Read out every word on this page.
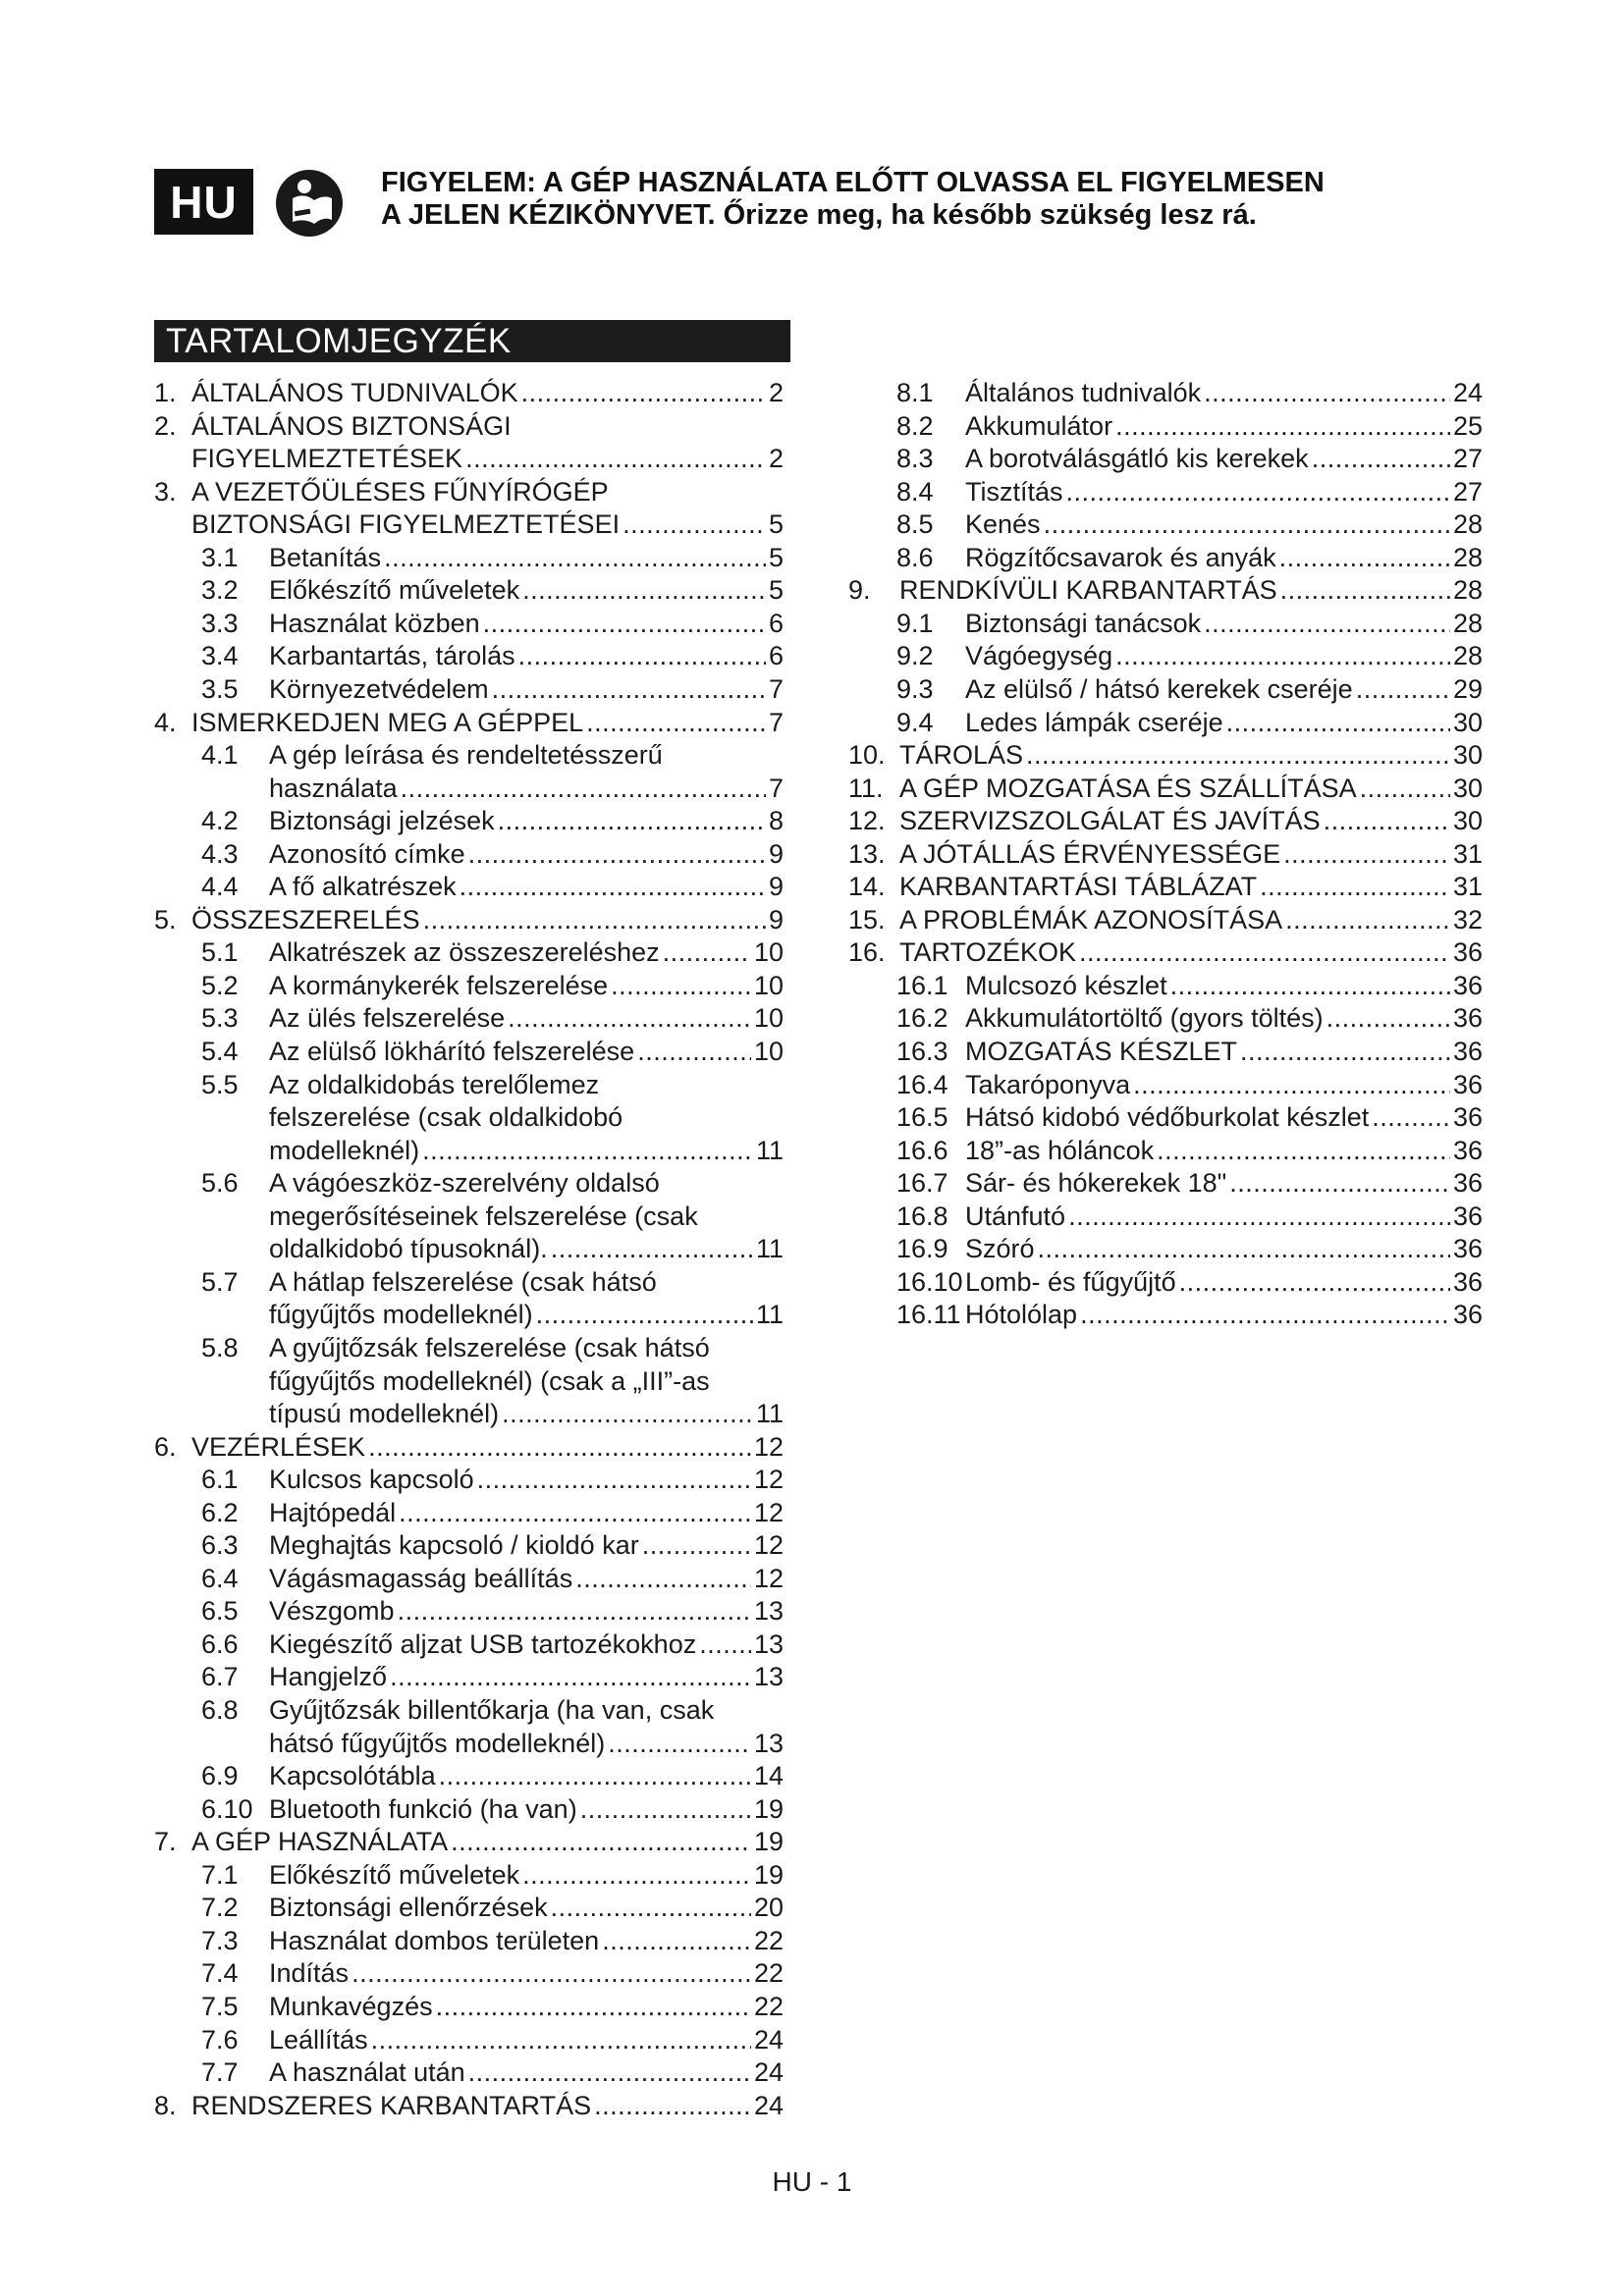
HU	FIGYELEM: A GÉP HASZNÁLATA ELŐTT OLVASSA EL FIGYELMESEN
A JELEN KÉZIKÖNYVET. Őrizze meg, ha később szükség lesz rá.
TARTALOMJEGYZÉK
1. ÁLTALÁNOS TUDNIVALÓK	2
.....
2. ÁLTALÁNOS BIZTONSÁGI
FIGYELMEZTETÉSEK	2
.....
3. A VEZETŐÜLÉSES FŰNYÍRÓGÉP
BIZTONSÁGI FIGYELMEZTETÉSEI	5
.....
3.1 Betanítás	5
.....
3.2 Előkészítő műveletek	5
.....
3.3 Használat közben	6
.....
3.4 Karbantartás, tárolás	6
.....
3.5 Környezetvédelem	7
.....
4. ISMERKEDJEN MEG A GÉPPEL	7
.....
4.1 A gép leírása és rendeltetésszerű
használata	7
.....
4.2 Biztonsági jelzések	8
.....
4.3 Azonosító címke	9
.....
4.4 A fő alkatrészek	9
.....
5. ÖSSZESZERELÉS	9
.....
5.1 Alkatrészek az összeszereléshez	10
.....
5.2 A kormánykerék felszerelése	10
.....
5.3 Az ülés felszerelése	10
.....
5.4 Az elülső lökhárító felszerelése	10
.....
5.5 Az oldalkidobás terelőlemez
felszerelése (csak oldalkidobó
modelleknél)	11
.....
5.6 A vágóeszköz-szerelvény oldalsó
megerősítéseinek felszerelése (csak
oldalkidobó típusoknál).	11
.....
5.7 A hátlap felszerelése (csak hátsó
fűgyűjtős modelleknél)	11
.....
5.8 A gyűjtőzsák felszerelése (csak hátsó
fűgyűjtős modelleknél) (csak a „III”-as
típusú modelleknél)	11
.....
6. VEZÉRLÉSEK	12
.....
6.1 Kulcsos kapcsoló	12
.....
6.2 Hajtópedál	12
.....
6.3 Meghajtás kapcsoló / kioldó kar	12
.....
6.4 Vágásmagasság beállítás	12
.....
6.5 Vészgomb	13
.....
6.6 Kiegészítő aljzat USB tartozékokhoz 13
.....
6.7 Hangjelző	13
.....
6.8 Gyűjtőzsák billentőkarja (ha van, csak
hátsó fűgyűjtős modelleknél)	13
.....
6.9 Kapcsolótábla	14
.....
6.10 Bluetooth funkció (ha van)	19
.....
7. A GÉP HASZNÁLATA	19
.....
7.1 Előkészítő műveletek	19
.....
7.2 Biztonsági ellenőrzések	20
.....
7.3 Használat dombos területen	22
.....
7.4 Indítás	22
.....
7.5 Munkavégzés	22
.....
7.6 Leállítás	24
.....
7.7 A használat után	24
.....
8. RENDSZERES KARBANTARTÁS	24
.....
8.1 Általános tudnivalók	24
.....
8.2 Akkumulátor	25
.....
8.3 A borotválásgátló kis kerekek	27
.....
8.4 Tisztítás	27
.....
8.5 Kenés	28
.....
8.6 Rögzítőcsavarok és anyák	28
.....
9. RENDKÍVÜLI KARBANTARTÁS	28
.....
9.1 Biztonsági tanácsok	28
.....
9.2 Vágóegység	28
.....
9.3 Az elülső / hátsó kerekek cseréje	29
.....
9.4 Ledes lámpák cseréje	30
.....
10. TÁROLÁS	30
.....
11. A GÉP MOZGATÁSA ÉS SZÁLLÍTÁSA	30
.....
12. SZERVIZSZOLGÁLAT ÉS JAVÍTÁS	30
.....
13. A JÓTÁLLÁS ÉRVÉNYESSÉGE	31
.....
14. KARBANTARTÁSI TÁBLÁZAT	31
.....
15. A PROBLÉMÁK AZONOSÍTÁSA	32
.....
16. TARTOZÉKOK	36
.....
16.1 Mulcsozó készlet	36
.....
16.2 Akkumulátortöltő (gyors töltés)	36
.....
16.3 MOZGATÁS KÉSZLET	36
.....
16.4 Takaróponyva	36
.....
16.5 Hátsó kidobó védőburkolat készlet	36
.....
16.6 18”-as hóláncok	36
.....
16.7 Sár- és hókerekek 18"	36
.....
16.8 Utánfutó	36
.....
16.9 Szóró	36
.....
16.10 Lomb- és fűgyűjtő	36
.....
16.11 Hótolólap	36
.....
HU - 1
